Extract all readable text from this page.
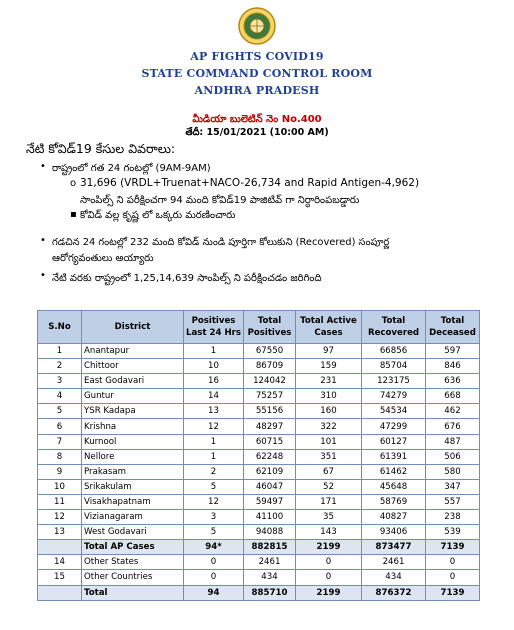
AP FIGHTS COVID19
STATE COMMAND CONTROL ROOM
ANDHRA PRADESH
మీడియా బులెటిన్ నెం No.400
తేదీ: 15/01/2021 (10:00 AM)
నేటి కోవిడ్19 కేసుల వివరాలు:
• రాష్ట్రంలో గత 24 గంటల్లో (9AM-9AM)
o 31,696 (VRDL+Truenat+NACO-26,734 and Rapid Antigen-4,962)
సాంపిల్స్ ని పరీక్షించగా 94 మంది కోవిడ్19 పాజిటివ్ గా నిర్ధారింపబడ్డారు
▪ కోవిడ్ వల్ల కృష్ణ లో ఒక్కరు మరణించారు
• గడచిన 24 గంటల్లో 232 మంది కోవిడ్ నుండి పూర్తిగా కోలుకుని (Recovered) సంపూర్ణ
ఆరోగ్యవంతులు అయ్యారు
• నేటి వరకు రాష్ట్రంలో 1,25,14,639 సాంపిల్స్ ని పరీక్షించడం జరిగింది
S.No	District	Positives Last 24 Hrs	Total Positives	Total Active Cases	Total Recovered	Total Deceased
1	Anantapur	1	67550	97	66856	597
2	Chittoor	10	86709	159	85704	846
3	East Godavari	16	124042	231	123175	636
4	Guntur	14	75257	310	74279	668
5	YSR Kadapa	13	55156	160	54534	462
6	Krishna	12	48297	322	47299	676
7	Kurnool	1	60715	101	60127	487
8	Nellore	1	62248	351	61391	506
9	Prakasam	2	62109	67	61462	580
10	Srikakulam	5	46047	52	45648	347
11	Visakhapatnam	12	59497	171	58769	557
12	Vizianagaram	3	41100	35	40827	238
13	West Godavari	5	94088	143	93406	539
	Total AP Cases	94*	882815	2199	873477	7139
14	Other States	0	2461	0	2461	0
15	Other Countries	0	434	0	434	0
	Total	94	885710	2199	876372	7139
